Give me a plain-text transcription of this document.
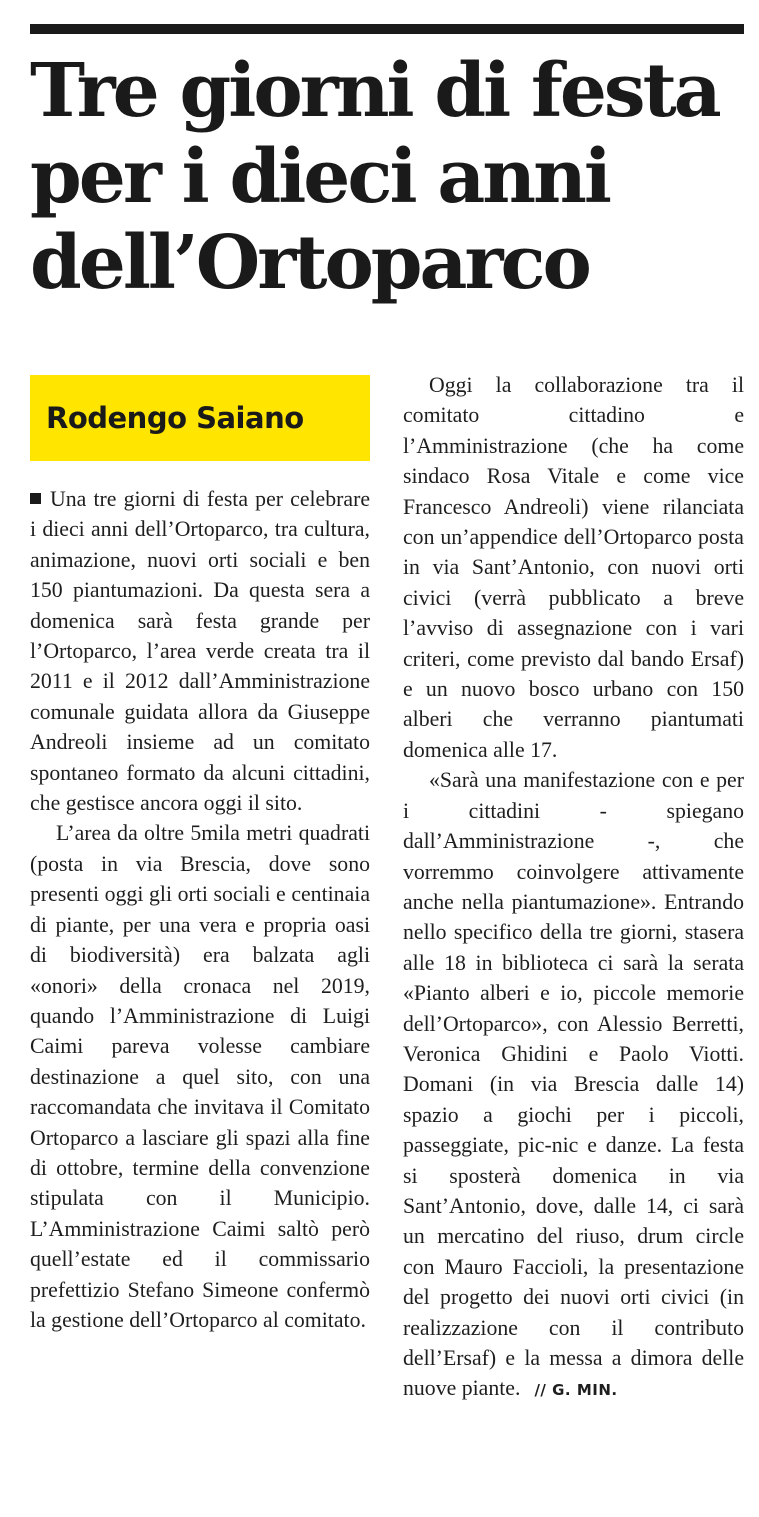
Tre giorni di festa
per i dieci anni
dell’Ortoparco
Rodengo Saiano

Una tre giorni di festa per celebrare i dieci anni dell’Ortoparco, tra cultura, animazione, nuovi orti sociali e ben 150 piantumazioni. Da questa sera a domenica sarà festa grande per l’Ortoparco, l’area verde creata tra il 2011 e il 2012 dall’Amministrazione comunale guidata allora da Giuseppe Andreoli insieme ad un comitato spontaneo formato da alcuni cittadini, che gestisce ancora oggi il sito.

L’area da oltre 5mila metri quadrati (posta in via Brescia, dove sono presenti oggi gli orti sociali e centinaia di piante, per una vera e propria oasi di biodiversità) era balzata agli «onori» della cronaca nel 2019, quando l’Amministrazione di Luigi Caimi pareva volesse cambiare destinazione a quel sito, con una raccomandata che invitava il Comitato Ortoparco a lasciare gli spazi alla fine di ottobre, termine della convenzione stipulata con il Municipio. L’Amministrazione Caimi saltò però quell’estate ed il commissario prefettizio Stefano Simeone confermò la gestione dell’Ortoparco al comitato.

Oggi la collaborazione tra il comitato cittadino e l’Amministrazione (che ha come sindaco Rosa Vitale e come vice Francesco Andreoli) viene rilanciata con un’appendice dell’Ortoparco posta in via Sant’Antonio, con nuovi orti civici (verrà pubblicato a breve l’avviso di assegnazione con i vari criteri, come previsto dal bando Ersaf) e un nuovo bosco urbano con 150 alberi che verranno piantumati domenica alle 17.

«Sarà una manifestazione con e per i cittadini - spiegano dall’Amministrazione -, che vorremmo coinvolgere attivamente anche nella piantumazione». Entrando nello specifico della tre giorni, stasera alle 18 in biblioteca ci sarà la serata «Pianto alberi e io, piccole memorie dell’Ortoparco», con Alessio Berretti, Veronica Ghidini e Paolo Viotti. Domani (in via Brescia dalle 14) spazio a giochi per i piccoli, passeggiate, pic-nic e danze. La festa si sposterà domenica in via Sant’Antonio, dove, dalle 14, ci sarà un mercatino del riuso, drum circle con Mauro Faccioli, la presentazione del progetto dei nuovi orti civici (in realizzazione con il contributo dell’Ersaf) e la messa a dimora delle nuove piante. // G. MIN.
